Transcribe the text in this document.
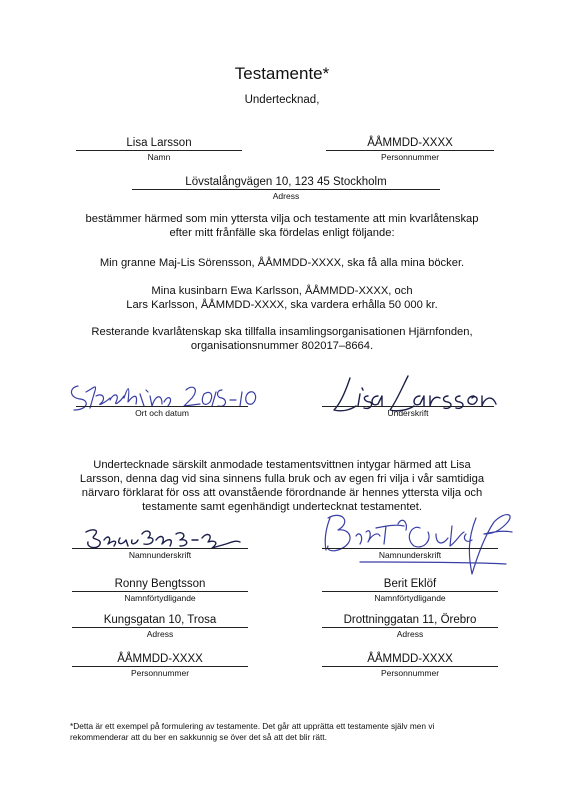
Testamente*
Undertecknad,
Lisa Larsson
Namn
ÅÅMMDD-XXXX
Personnummer
Lövstalångvägen 10, 123 45 Stockholm
Adress
bestämmer härmed som min yttersta vilja och testamente att min kvarlåtenskap
efter mitt frånfälle ska fördelas enligt följande:
Min granne Maj-Lis Sörensson, ÅÅMMDD-XXXX, ska få alla mina böcker.
Mina kusinbarn Ewa Karlsson, ÅÅMMDD-XXXX, och
Lars Karlsson, ÅÅMMDD-XXXX, ska vardera erhålla 50 000 kr.
Resterande kvarlåtenskap ska tillfalla insamlingsorganisationen Hjärnfonden,
organisationsnummer 802017–8664.
Ort och datum	Underskrift
Undertecknade särskilt anmodade testamentsvittnen intygar härmed att Lisa
Larsson, denna dag vid sina sinnens fulla bruk och av egen fri vilja i vår samtidiga
närvaro förklarat för oss att ovanstående förordnande är hennes yttersta vilja och
testamente samt egenhändigt undertecknat testamentet.
Namnunderskrift	Namnunderskrift
Ronny Bengtsson
Namnförtydligande
Berit Eklöf
Namnförtydligande
Kungsgatan 10, Trosa
Adress
Drottninggatan 11, Örebro
Adress
ÅÅMMDD-XXXX
Personnummer
ÅÅMMDD-XXXX
Personnummer
*Detta är ett exempel på formulering av testamente. Det går att upprätta ett testamente själv men vi
rekommenderar att du ber en sakkunnig se över det så att det blir rätt.
